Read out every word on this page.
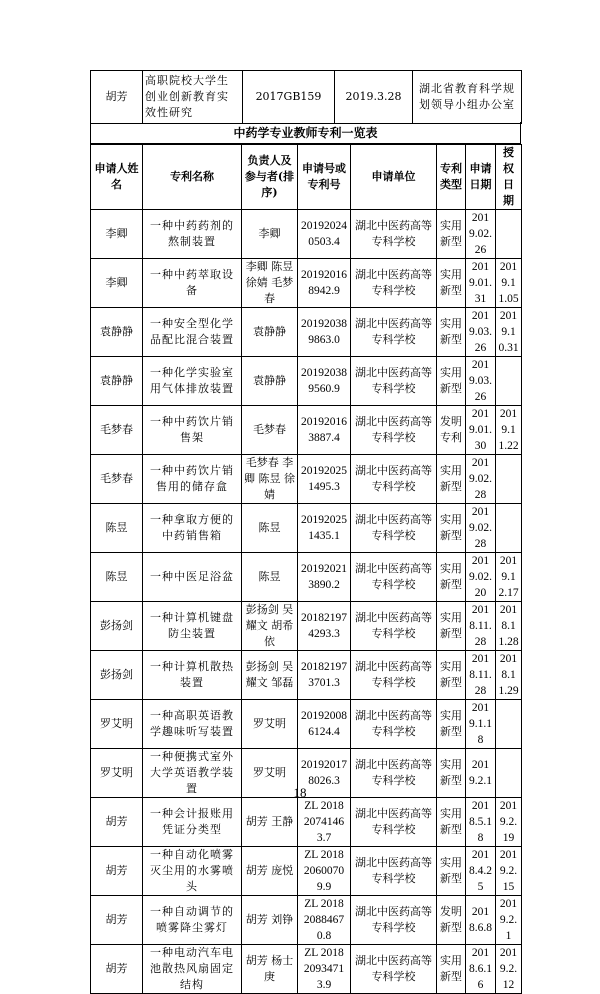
胡芳	高职院校大学生创业创新教育实效性研究	2017GB159	2019.3.28	湖北省教育科学规划领导小组办公室
中药学专业教师专利一览表
申请人姓名	专利名称	负责人及参与者(排序)	申请号或专利号	申请单位	专利类型	申请日期	授权日期
李卿	一种中药药剂的熬制装置	李卿	201920240503.4	湖北中医药高等专科学校	实用新型	2019.02.26	
李卿	一种中药萃取设备	李卿 陈昱 徐婧 毛梦春	201920168942.9	湖北中医药高等专科学校	实用新型	2019.01.31	2019.11.05
袁静静	一种安全型化学品配比混合装置	袁静静	201920389863.0	湖北中医药高等专科学校	实用新型	2019.03.26	2019.10.31
袁静静	一种化学实验室用气体排放装置	袁静静	201920389560.9	湖北中医药高等专科学校	实用新型	2019.03.26	
毛梦春	一种中药饮片销售架	毛梦春	201920163887.4	湖北中医药高等专科学校	发明专利	2019.01.30	2019.11.22
毛梦春	一种中药饮片销售用的储存盒	毛梦春 李卿 陈昱 徐婧	201920251495.3	湖北中医药高等专科学校	实用新型	2019.02.28	
陈昱	一种拿取方便的中药销售箱	陈昱	201920251435.1	湖北中医药高等专科学校	实用新型	2019.02.28	
陈昱	一种中医足浴盆	陈昱	201920213890.2	湖北中医药高等专科学校	实用新型	2019.02.20	2019.12.17
彭扬剑	一种计算机键盘防尘装置	彭扬剑 吴耀文 胡希依	201821974293.3	湖北中医药高等专科学校	实用新型	2018.11.28	2018.11.28
彭扬剑	一种计算机散热装置	彭扬剑 吴耀文 邹磊	201821973701.3	湖北中医药高等专科学校	实用新型	2018.11.28	2018.11.29
罗艾明	一种高职英语教学趣味听写装置	罗艾明	201920086124.4	湖北中医药高等专科学校	实用新型	2019.1.18	
罗艾明	一种便携式室外大学英语教学装置	罗艾明	201920178026.3	湖北中医药高等专科学校	实用新型	2019.2.1	
胡芳	一种会计报账用凭证分类型	胡芳 王静	ZL 2018 20741463.7	湖北中医药高等专科学校	实用新型	2018.5.18	2019.2.19
胡芳	一种自动化喷雾灭尘用的水雾喷头	胡芳 庞悦	ZL 2018 20600709.9	湖北中医药高等专科学校	实用新型	2018.4.25	2019.2.15
胡芳	一种自动调节的喷雾降尘雾灯	胡芳 刘铮	ZL 2018 20884670.8	湖北中医药高等专科学校	发明新型	2018.6.8	2019.2.1
胡芳	一种电动汽车电池散热风扇固定结构	胡芳 杨士庚	ZL 2018 20934713.9	湖北中医药高等专科学校	实用新型	2018.6.16	2019.2.12
18
